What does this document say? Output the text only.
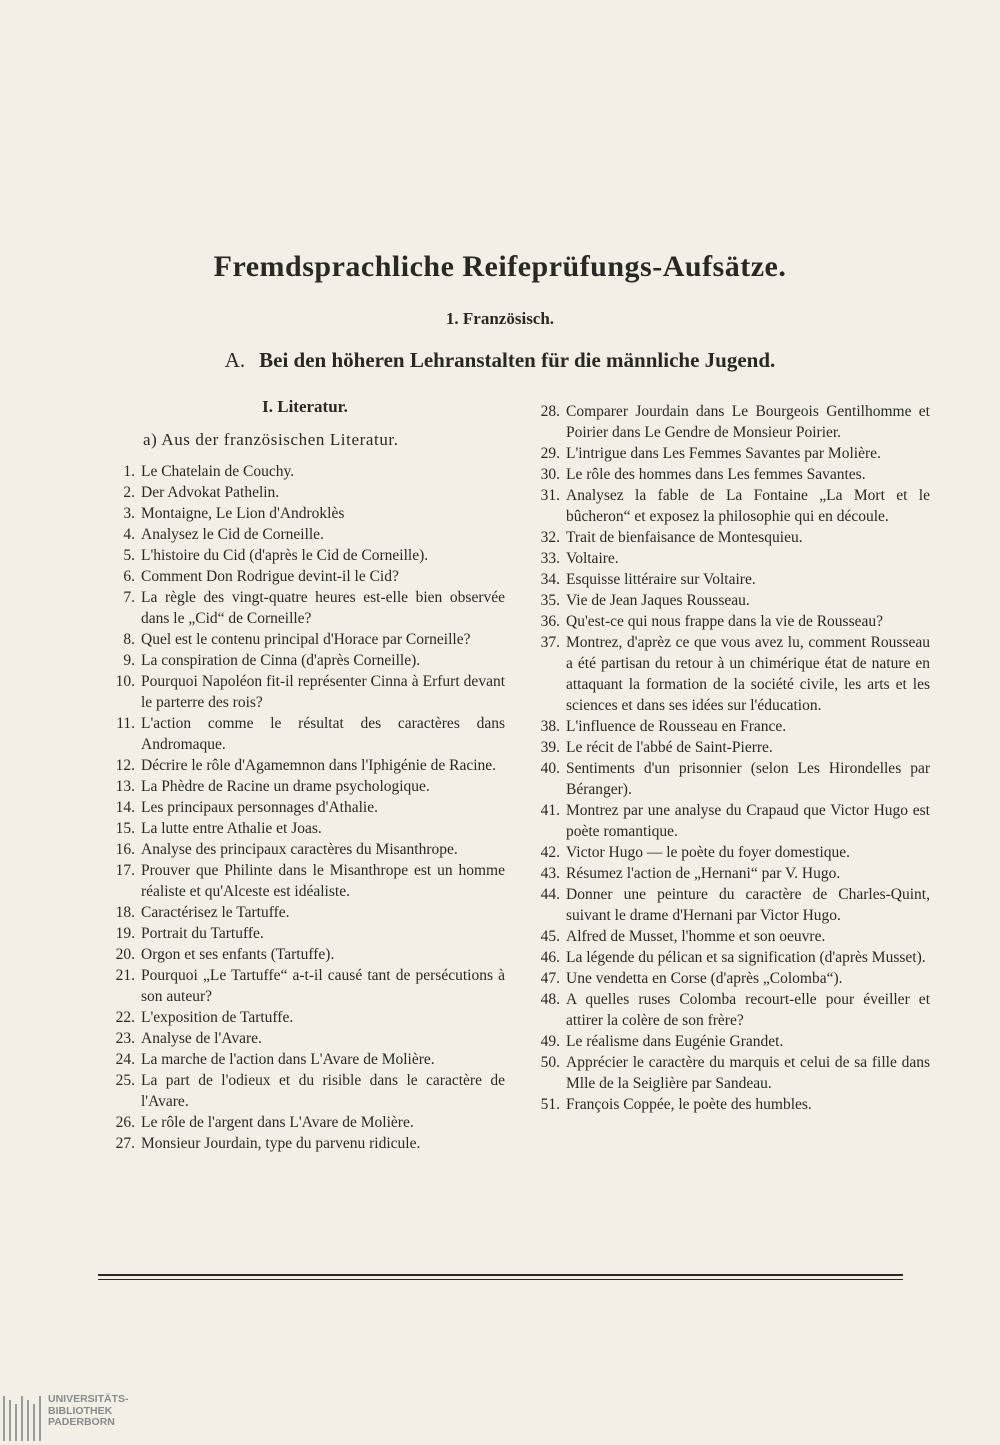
Fremdsprachliche Reifeprüfungs-Aufsätze.
1. Französisch.
A. Bei den höheren Lehranstalten für die männliche Jugend.
I. Literatur.
a) Aus der französischen Literatur.
1. Le Chatelain de Couchy.
2. Der Advokat Pathelin.
3. Montaigne, Le Lion d'Androklès
4. Analysez le Cid de Corneille.
5. L'histoire du Cid (d'après le Cid de Corneille).
6. Comment Don Rodrigue devint-il le Cid?
7. La règle des vingt-quatre heures est-elle bien observée dans le „Cid“ de Corneille?
8. Quel est le contenu principal d'Horace par Corneille?
9. La conspiration de Cinna (d'après Corneille).
10. Pourquoi Napoléon fit-il représenter Cinna à Erfurt devant le parterre des rois?
11. L'action comme le résultat des caractères dans Andromaque.
12. Décrire le rôle d'Agamemnon dans l'Iphigénie de Racine.
13. La Phèdre de Racine un drame psychologique.
14. Les principaux personnages d'Athalie.
15. La lutte entre Athalie et Joas.
16. Analyse des principaux caractères du Misanthrope.
17. Prouver que Philinte dans le Misanthrope est un homme réaliste et qu'Alceste est idéaliste.
18. Caractérisez le Tartuffe.
19. Portrait du Tartuffe.
20. Orgon et ses enfants (Tartuffe).
21. Pourquoi „Le Tartuffe“ a-t-il causé tant de persécutions à son auteur?
22. L'exposition de Tartuffe.
23. Analyse de l'Avare.
24. La marche de l'action dans L'Avare de Molière.
25. La part de l'odieux et du risible dans le caractère de l'Avare.
26. Le rôle de l'argent dans L'Avare de Molière.
27. Monsieur Jourdain, type du parvenu ridicule.
28. Comparer Jourdain dans Le Bourgeois Gentilhomme et Poirier dans Le Gendre de Monsieur Poirier.
29. L'intrigue dans Les Femmes Savantes par Molière.
30. Le rôle des hommes dans Les femmes Savantes.
31. Analysez la fable de La Fontaine „La Mort et le bûcheron“ et exposez la philosophie qui en découle.
32. Trait de bienfaisance de Montesquieu.
33. Voltaire.
34. Esquisse littéraire sur Voltaire.
35. Vie de Jean Jaques Rousseau.
36. Qu'est-ce qui nous frappe dans la vie de Rousseau?
37. Montrez, d'aprèz ce que vous avez lu, comment Rousseau a été partisan du retour à un chimérique état de nature en attaquant la formation de la société civile, les arts et les sciences et dans ses idées sur l'éducation.
38. L'influence de Rousseau en France.
39. Le récit de l'abbé de Saint-Pierre.
40. Sentiments d'un prisonnier (selon Les Hirondelles par Béranger).
41. Montrez par une analyse du Crapaud que Victor Hugo est poète romantique.
42. Victor Hugo — le poète du foyer domestique.
43. Résumez l'action de „Hernani“ par V. Hugo.
44. Donner une peinture du caractère de Charles-Quint, suivant le drame d'Hernani par Victor Hugo.
45. Alfred de Musset, l'homme et son oeuvre.
46. La légende du pélican et sa signification (d'après Musset).
47. Une vendetta en Corse (d'après „Colomba“).
48. A quelles ruses Colomba recourt-elle pour éveiller et attirer la colère de son frère?
49. Le réalisme dans Eugénie Grandet.
50. Apprécier le caractère du marquis et celui de sa fille dans Mlle de la Seiglière par Sandeau.
51. François Coppée, le poète des humbles.
UNIVERSITÄTS-
BIBLIOTHEK
PADERBORN
